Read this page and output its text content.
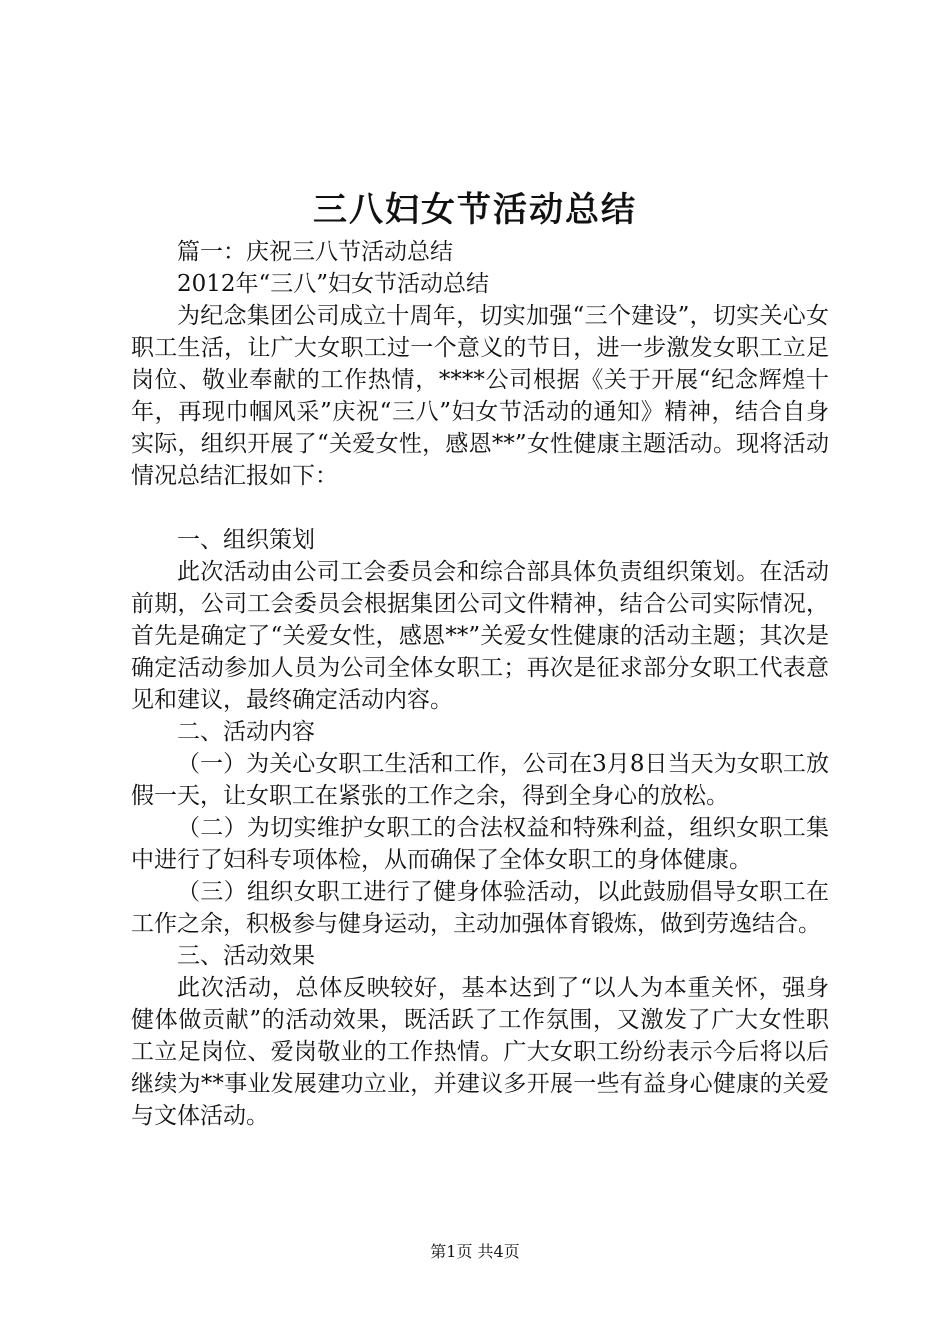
三八妇女节活动总结

篇一：庆祝三八节活动总结

2012年“三八”妇女节活动总结

为纪念集团公司成立十周年，切实加强“三个建设”，切实关心女职工生活，让广大女职工过一个意义的节日，进一步激发女职工立足岗位、敬业奉献的工作热情，****公司根据《关于开展“纪念辉煌十年，再现巾帼风采”庆祝“三八”妇女节活动的通知》精神，结合自身实际，组织开展了“关爱女性，感恩**”女性健康主题活动。现将活动情况总结汇报如下：

一、组织策划

此次活动由公司工会委员会和综合部具体负责组织策划。在活动前期，公司工会委员会根据集团公司文件精神，结合公司实际情况，首先是确定了“关爱女性，感恩**”关爱女性健康的活动主题；其次是确定活动参加人员为公司全体女职工；再次是征求部分女职工代表意见和建议，最终确定活动内容。

二、活动内容

（一）为关心女职工生活和工作，公司在3月8日当天为女职工放假一天，让女职工在紧张的工作之余，得到全身心的放松。

（二）为切实维护女职工的合法权益和特殊利益，组织女职工集中进行了妇科专项体检，从而确保了全体女职工的身体健康。

（三）组织女职工进行了健身体验活动，以此鼓励倡导女职工在工作之余，积极参与健身运动，主动加强体育锻炼，做到劳逸结合。

三、活动效果

此次活动，总体反映较好，基本达到了“以人为本重关怀，强身健体做贡献”的活动效果，既活跃了工作氛围，又激发了广大女性职工立足岗位、爱岗敬业的工作热情。广大女职工纷纷表示今后将以后继续为**事业发展建功立业，并建议多开展一些有益身心健康的关爱与文体活动。

第1页 共4页
